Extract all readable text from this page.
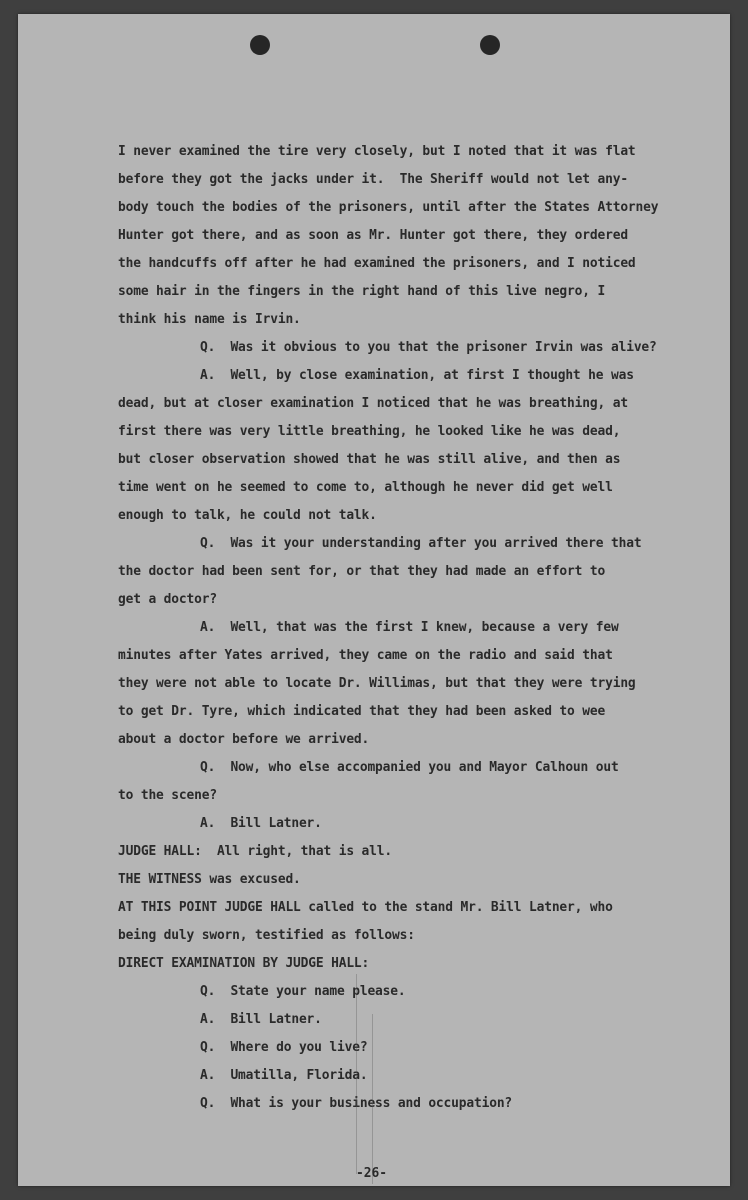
I never examined the tire very closely, but I noted that it was flat
before they got the jacks under it.  The Sheriff would not let any-
body touch the bodies of the prisoners, until after the States Attorney
Hunter got there, and as soon as Mr. Hunter got there, they ordered
the handcuffs off after he had examined the prisoners, and I noticed
some hair in the fingers in the right hand of this live negro, I
think his name is Irvin.
Q.  Was it obvious to you that the prisoner Irvin was alive?
A.  Well, by close examination, at first I thought he was
dead, but at closer examination I noticed that he was breathing, at
first there was very little breathing, he looked like he was dead,
but closer observation showed that he was still alive, and then as
time went on he seemed to come to, although he never did get well
enough to talk, he could not talk.
Q.  Was it your understanding after you arrived there that
the doctor had been sent for, or that they had made an effort to
get a doctor?
A.  Well, that was the first I knew, because a very few
minutes after Yates arrived, they came on the radio and said that
they were not able to locate Dr. Willimas, but that they were trying
to get Dr. Tyre, which indicated that they had been asked to wee
about a doctor before we arrived.
Q.  Now, who else accompanied you and Mayor Calhoun out
to the scene?
A.  Bill Latner.
JUDGE HALL:  All right, that is all.
THE WITNESS was excused.
AT THIS POINT JUDGE HALL called to the stand Mr. Bill Latner, who
being duly sworn, testified as follows:
DIRECT EXAMINATION BY JUDGE HALL:
Q.  State your name please.
A.  Bill Latner.
Q.  Where do you live?
A.  Umatilla, Florida.
Q.  What is your business and occupation?
-26-
